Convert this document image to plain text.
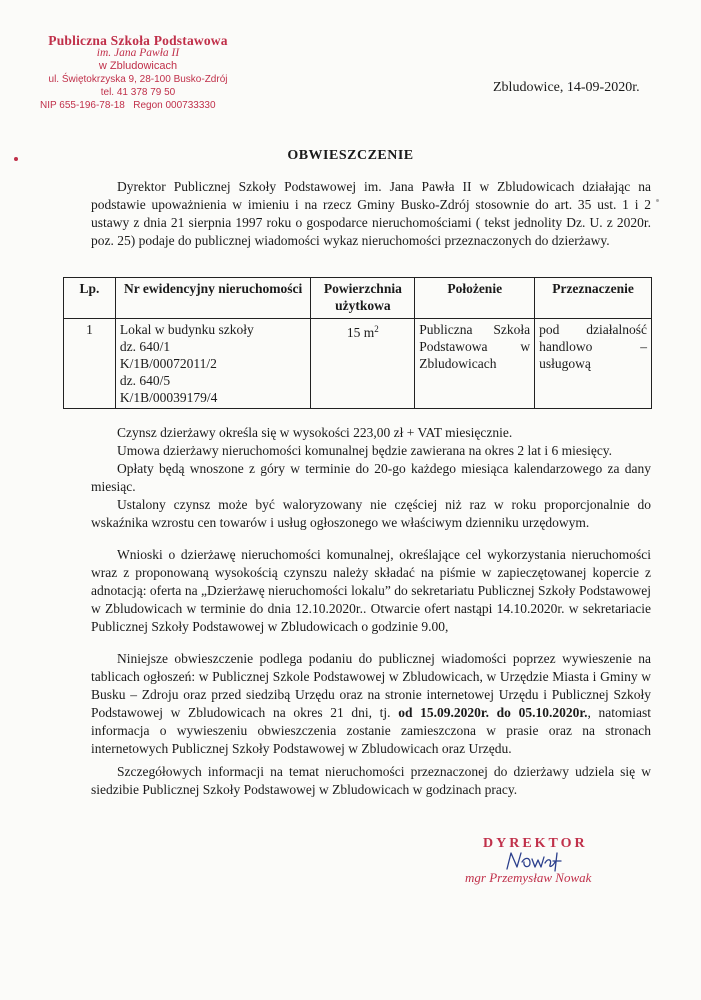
Publiczna Szkoła Podstawowa
im. Jana Pawła II
w Zbludowicach
ul. Świętokrzyska 9, 28-100 Busko-Zdrój
tel. 41 378 79 50
NIP 655-196-78-18 Regon 000733330
Zbludowice, 14-09-2020r.
OBWIESZCZENIE

Dyrektor Publicznej Szkoły Podstawowej im. Jana Pawła II w Zbludowicach działając na podstawie upoważnienia w imieniu i na rzecz Gminy Busko-Zdrój stosownie do art. 35 ust. 1 i 2 ustawy z dnia 21 sierpnia 1997 roku o gospodarce nieruchomościami ( tekst jednolity Dz. U. z 2020r. poz. 25) podaje do publicznej wiadomości wykaz nieruchomości przeznaczonych do dzierżawy.

Lp.	Nr ewidencyjny nieruchomości	Powierzchnia użytkowa	Położenie	Przeznaczenie
1	Lokal w budynku szkoły
dz. 640/1
K/1B/00072011/2
dz. 640/5
K/1B/00039179/4	15 $m^2$	Publiczna Szkoła Podstawowa w Zbludowicach	pod działalność handlowo – usługową

Czynsz dzierżawy określa się w wysokości 223,00 zł + VAT miesięcznie.

Umowa dzierżawy nieruchomości komunalnej będzie zawierana na okres 2 lat i 6 miesięcy.

Opłaty będą wnoszone z góry w terminie do 20-go każdego miesiąca kalendarzowego za dany miesiąc.

Ustalony czynsz może być waloryzowany nie częściej niż raz w roku proporcjonalnie do wskaźnika wzrostu cen towarów i usług ogłoszonego we właściwym dzienniku urzędowym.

Wnioski o dzierżawę nieruchomości komunalnej, określające cel wykorzystania nieruchomości wraz z proponowaną wysokością czynszu należy składać na piśmie w zapieczętowanej kopercie z adnotacją: oferta na „Dzierżawę nieruchomości lokalu” do sekretariatu Publicznej Szkoły Podstawowej w Zbludowicach w terminie do dnia 12.10.2020r.. Otwarcie ofert nastąpi 14.10.2020r. w sekretariacie Publicznej Szkoły Podstawowej w Zbludowicach o godzinie 9.00,

Niniejsze obwieszczenie podlega podaniu do publicznej wiadomości poprzez wywieszenie na tablicach ogłoszeń: w Publicznej Szkole Podstawowej w Zbludowicach, w Urzędzie Miasta i Gminy w Busku – Zdroju oraz przed siedzibą Urzędu oraz na stronie internetowej Urzędu i Publicznej Szkoły Podstawowej w Zbludowicach na okres 21 dni, tj. od 15.09.2020r. do 05.10.2020r., natomiast informacja o wywieszeniu obwieszczenia zostanie zamieszczona w prasie oraz na stronach internetowych Publicznej Szkoły Podstawowej w Zbludowicach oraz Urzędu.

Szczegółowych informacji na temat nieruchomości przeznaczonej do dzierżawy udziela się w siedzibie Publicznej Szkoły Podstawowej w Zbludowicach w godzinach pracy.

DYREKTOR
mgr Przemysław Nowak
